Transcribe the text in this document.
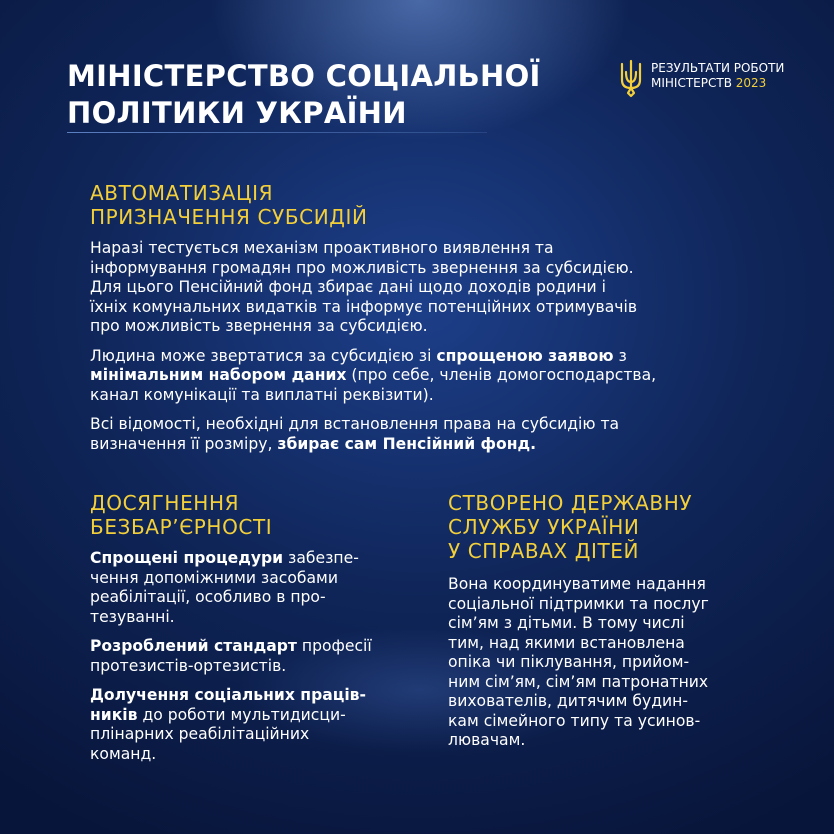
МІНІСТЕРСТВО СОЦІАЛЬНОЇ
ПОЛІТИКИ УКРАЇНИ
РЕЗУЛЬТАТИ РОБОТИ
МІНІСТЕРСТВ 2023
АВТОМАТИЗАЦІЯ
ПРИЗНАЧЕННЯ СУБСИДІЙ

Наразі тестується механізм проактивного виявлення та
інформування громадян про можливість звернення за субсидією.
Для цього Пенсійний фонд збирає дані щодо доходів родини і
їхніх комунальних видатків та інформує потенційних отримувачів
про можливість звернення за субсидією.

Людина може звертатися за субсидією зі спрощеною заявою з
мінімальним набором даних (про себе, членів домогосподарства,
канал комунікації та виплатні реквізити).

Всі відомості, необхідні для встановлення права на субсидію та
визначення її розміру, збирає сам Пенсійний фонд.

ДОСЯГНЕННЯ
БЕЗБАР’ЄРНОСТІ

Спрощені процедури забезпе-
чення допоміжними засобами
реабілітації, особливо в про-
тезуванні.

Розроблений стандарт професії
протезистів-ортезистів.

Долучення соціальних праців-
ників до роботи мультидисци-
плінарних реабілітаційних
команд.

СТВОРЕНО ДЕРЖАВНУ
СЛУЖБУ УКРАЇНИ
У СПРАВАХ ДІТЕЙ

Вона координуватиме надання
соціальної підтримки та послуг
сім’ям з дітьми. В тому числі
тим, над якими встановлена
опіка чи піклування, прийом-
ним сім’ям, сім’ям патронатних
вихователів, дитячим будин-
кам сімейного типу та усинов-
лювачам.
